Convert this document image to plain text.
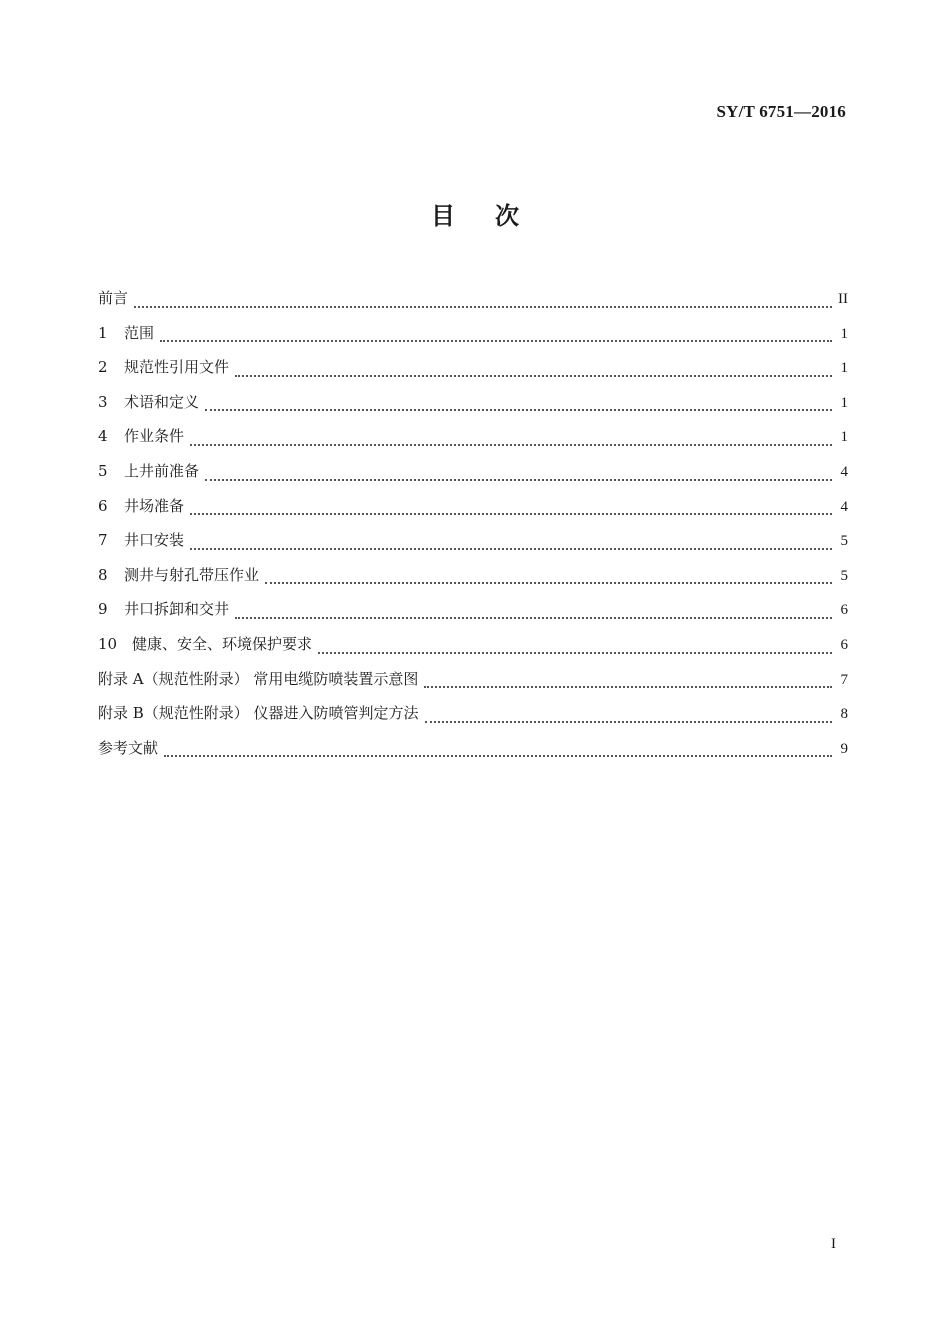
SY/T 6751—2016
目次
前言	II
1	范围	1
2	规范性引用文件	1
3	术语和定义	1
4	作业条件	1
5	上井前准备	4
6	井场准备	4
7	井口安装	5
8	测井与射孔带压作业	5
9	井口拆卸和交井	6
10 健康、安全、环境保护要求	6
附录 A（规范性附录） 常用电缆防喷装置示意图	7
附录 B（规范性附录） 仪器进入防喷管判定方法	8
参考文献	9
I
